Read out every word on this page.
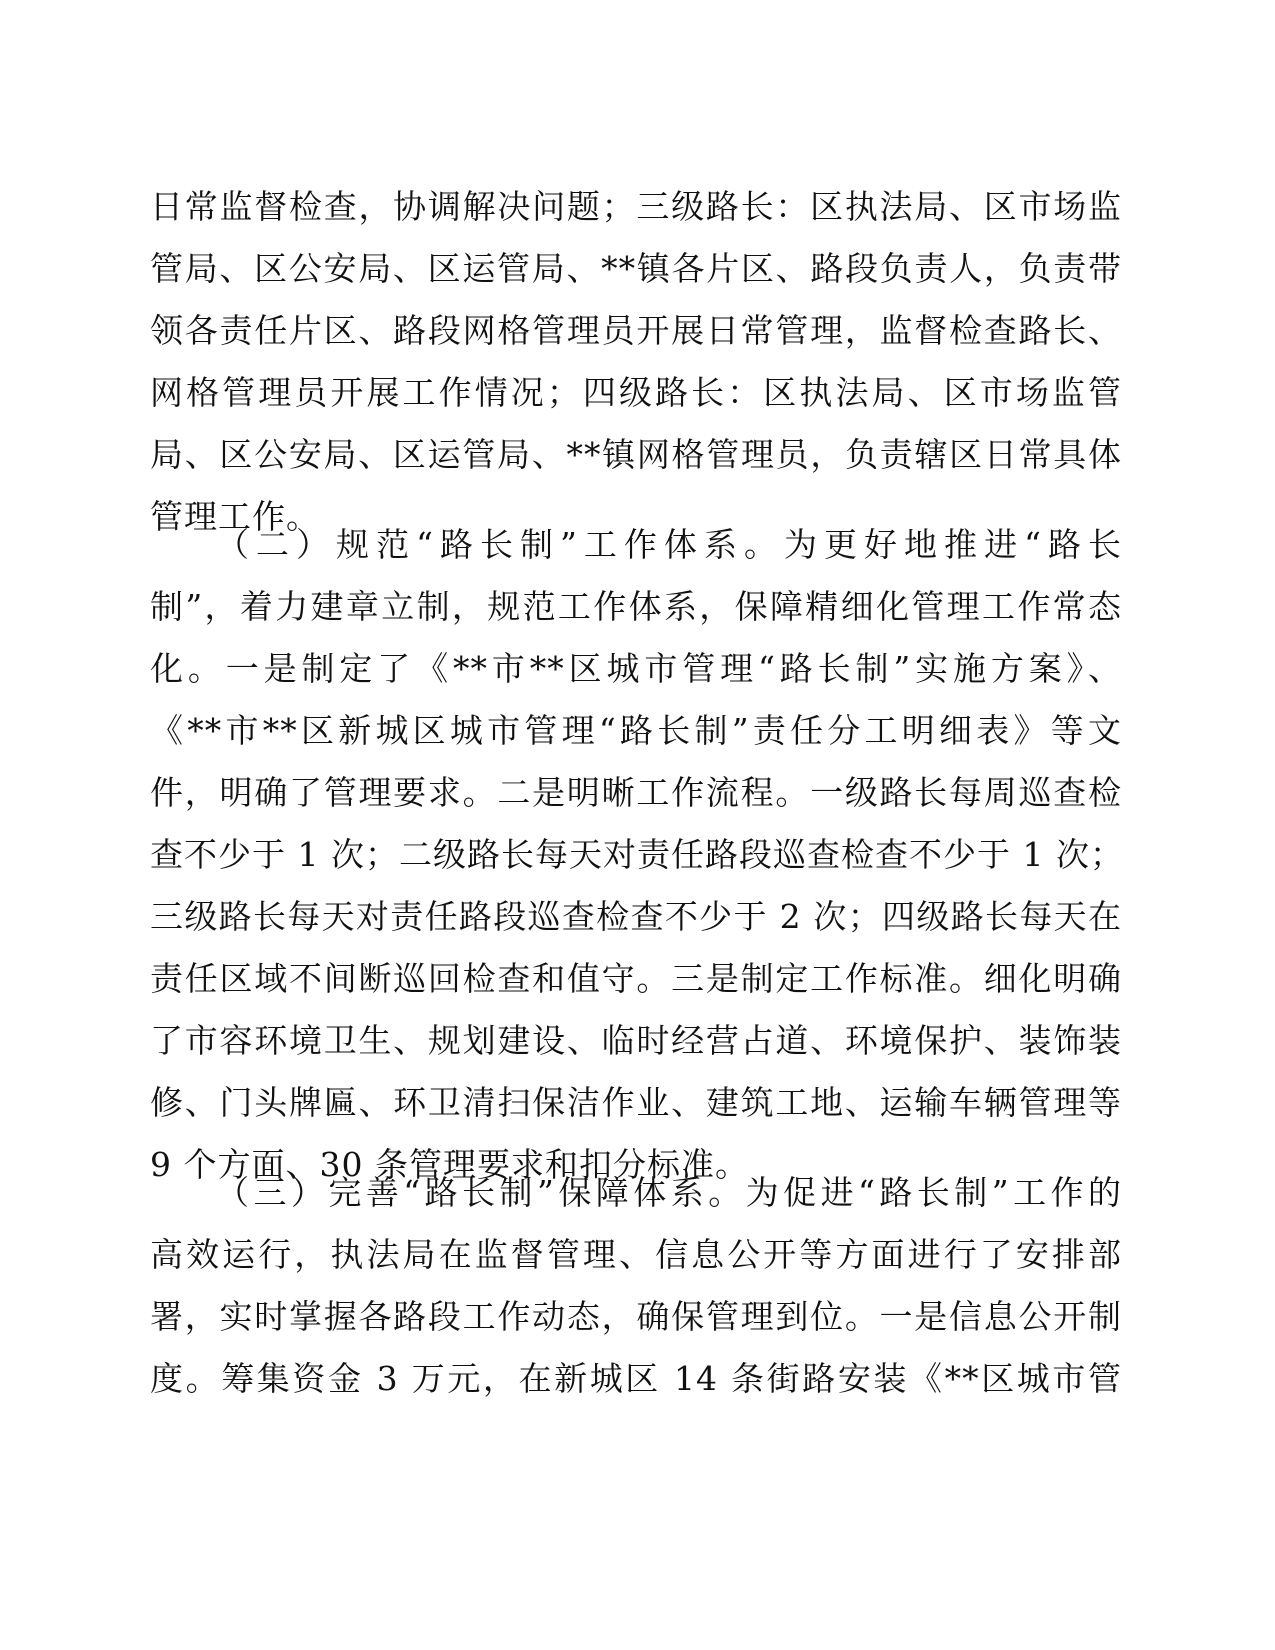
日常监督检查，协调解决问题；三级路长：区执法局、区市场监
管局、区公安局、区运管局、**镇各片区、路段负责人，负责带
领各责任片区、路段网格管理员开展日常管理，监督检查路长、
网格管理员开展工作情况；四级路长：区执法局、区市场监管
局、区公安局、区运管局、**镇网格管理员，负责辖区日常具体
管理工作。
（二）规范“路长制”工作体系。为更好地推进“路长
制”，着力建章立制，规范工作体系，保障精细化管理工作常态
化。一是制定了《**市**区城市管理“路长制”实施方案》、
《**市**区新城区城市管理“路长制”责任分工明细表》等文
件，明确了管理要求。二是明晰工作流程。一级路长每周巡查检
查不少于 1 次；二级路长每天对责任路段巡查检查不少于 1 次；
三级路长每天对责任路段巡查检查不少于 2 次；四级路长每天在
责任区域不间断巡回检查和值守。三是制定工作标准。细化明确
了市容环境卫生、规划建设、临时经营占道、环境保护、装饰装
修、门头牌匾、环卫清扫保洁作业、建筑工地、运输车辆管理等
9 个方面、30 条管理要求和扣分标准。
（三）完善“路长制”保障体系。为促进“路长制”工作的
高效运行，执法局在监督管理、信息公开等方面进行了安排部
署，实时掌握各路段工作动态，确保管理到位。一是信息公开制
度。筹集资金 3 万元，在新城区 14 条街路安装《**区城市管
